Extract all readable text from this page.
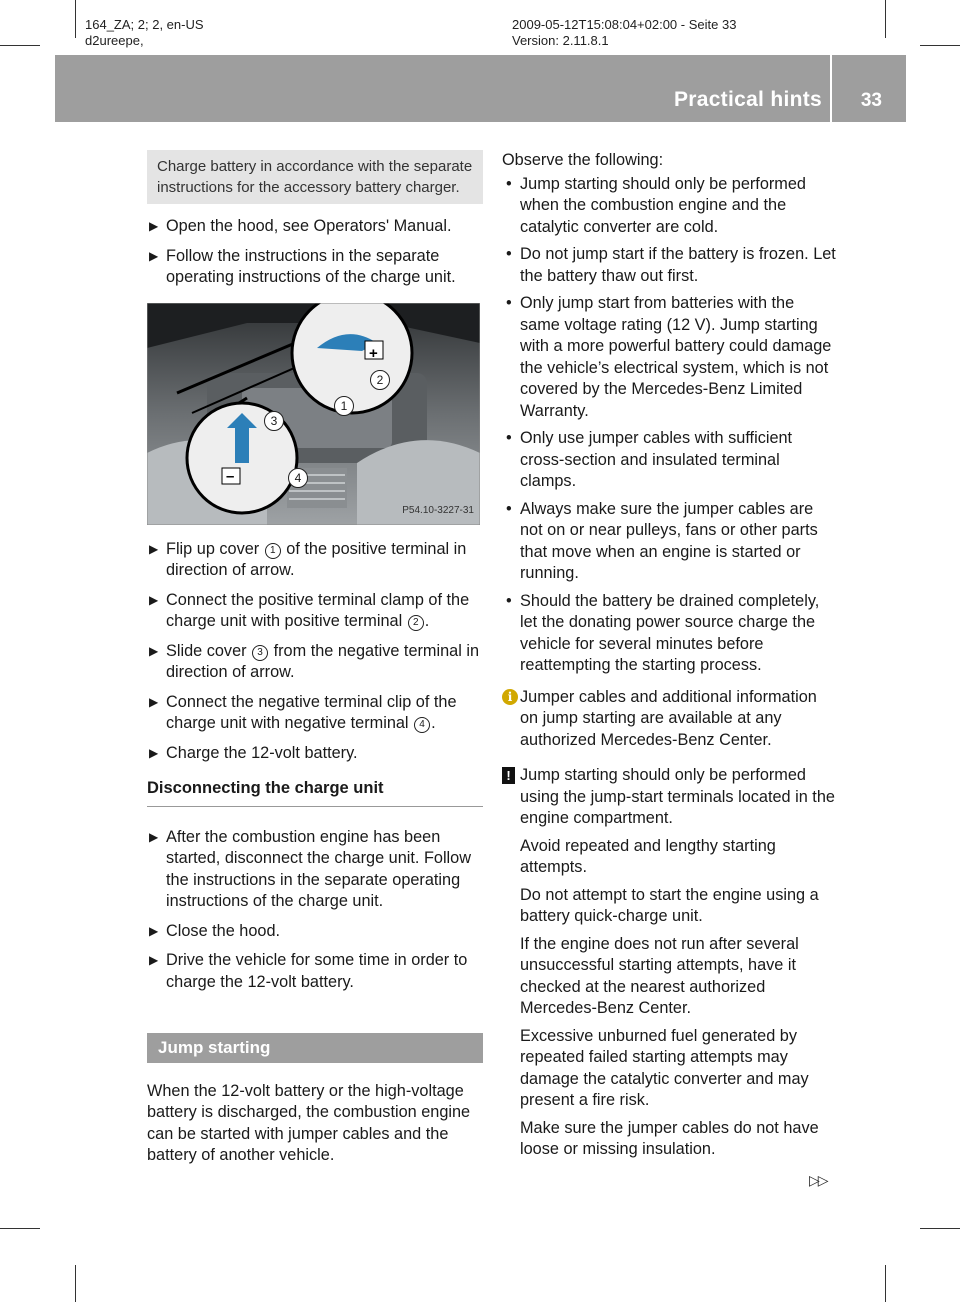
164_ZA; 2; 2, en-US
d2ureepe,
2009-05-12T15:08:04+02:00 - Seite 33
Version: 2.11.8.1
Practical hints 33
Charge battery in accordance with the separate instructions for the accessory battery charger.
▶ Open the hood, see Operators' Manual.
▶ Follow the instructions in the separate operating instructions of the charge unit.
+
–
1
2
3
4
P54.10-3227-31
▶ Flip up cover 1 of the positive terminal in direction of arrow.
▶ Connect the positive terminal clamp of the charge unit with positive terminal 2 .
▶ Slide cover 3 from the negative terminal in direction of arrow.
▶ Connect the negative terminal clip of the charge unit with negative terminal 4 .
▶ Charge the 12-volt battery.
Disconnecting the charge unit
▶ After the combustion engine has been started, disconnect the charge unit. Follow the instructions in the separate operating instructions of the charge unit.
▶ Close the hood.
▶ Drive the vehicle for some time in order to charge the 12-volt battery.
Jump starting
When the 12-volt battery or the high-voltage battery is discharged, the combustion engine can be started with jumper cables and the battery of another vehicle.
Observe the following:
• Jump starting should only be performed when the combustion engine and the catalytic converter are cold.
• Do not jump start if the battery is frozen. Let the battery thaw out first.
• Only jump start from batteries with the same voltage rating (12 V). Jump starting with a more powerful battery could damage the vehicle’s electrical system, which is not covered by the Mercedes-Benz Limited Warranty.
• Only use jumper cables with sufficient cross-section and insulated terminal clamps.
• Always make sure the jumper cables are not on or near pulleys, fans or other parts that move when an engine is started or running.
• Should the battery be drained completely, let the donating power source charge the vehicle for several minutes before reattempting the starting process.
i Jumper cables and additional information on jump starting are available at any authorized Mercedes-Benz Center.
! Jump starting should only be performed using the jump-start terminals located in the engine compartment.

Avoid repeated and lengthy starting attempts.

Do not attempt to start the engine using a battery quick-charge unit.

If the engine does not run after several unsuccessful starting attempts, have it checked at the nearest authorized Mercedes-Benz Center.

Excessive unburned fuel generated by repeated failed starting attempts may damage the catalytic converter and may present a fire risk.

Make sure the jumper cables do not have loose or missing insulation.

▷▷
